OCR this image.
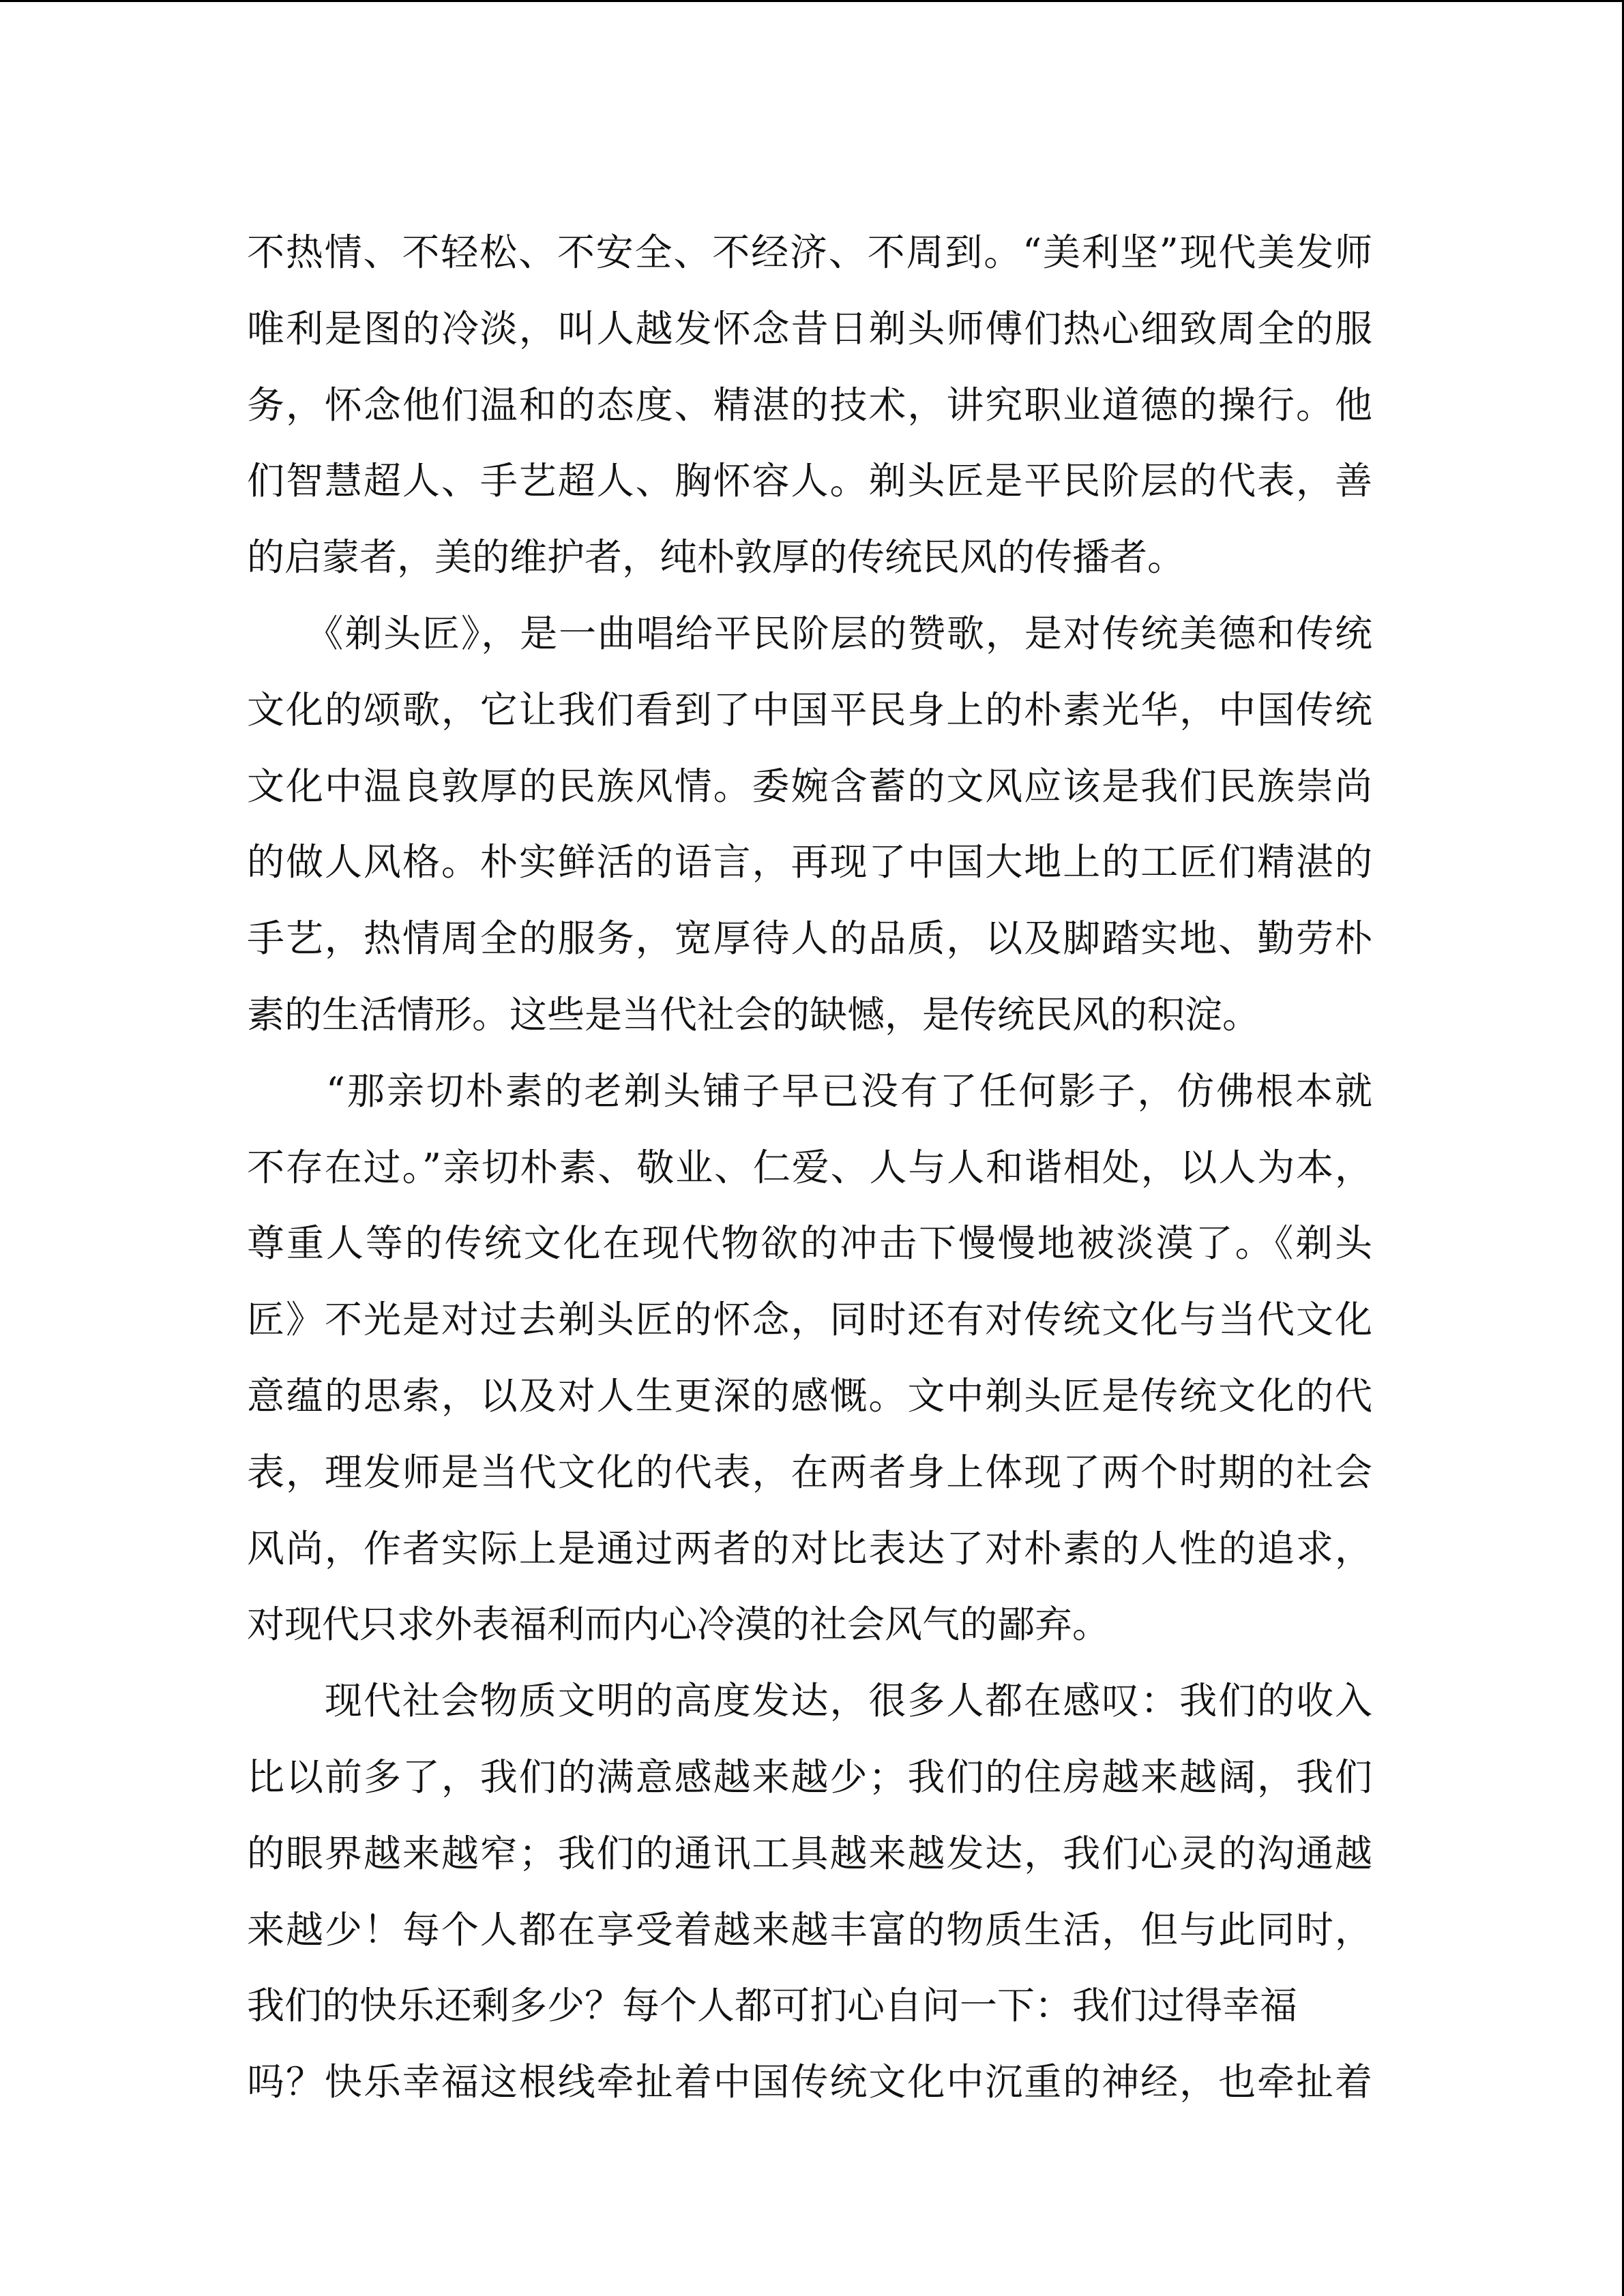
不热情、不轻松、不安全、不经济、不周到。“美利坚”现代美发师
唯利是图的冷淡，叫人越发怀念昔日剃头师傅们热心细致周全的服
务，怀念他们温和的态度、精湛的技术，讲究职业道德的操行。他
们智慧超人、手艺超人、胸怀容人。剃头匠是平民阶层的代表，善
的启蒙者，美的维护者，纯朴敦厚的传统民风的传播者。
　　《剃头匠》，是一曲唱给平民阶层的赞歌，是对传统美德和传统
文化的颂歌，它让我们看到了中国平民身上的朴素光华，中国传统
文化中温良敦厚的民族风情。委婉含蓄的文风应该是我们民族崇尚
的做人风格。朴实鲜活的语言，再现了中国大地上的工匠们精湛的
手艺，热情周全的服务，宽厚待人的品质，以及脚踏实地、勤劳朴
素的生活情形。这些是当代社会的缺憾，是传统民风的积淀。
　　“那亲切朴素的老剃头铺子早已没有了任何影子，仿佛根本就
不存在过。”亲切朴素、敬业、仁爱、人与人和谐相处，以人为本，
尊重人等的传统文化在现代物欲的冲击下慢慢地被淡漠了。《剃头
匠》不光是对过去剃头匠的怀念，同时还有对传统文化与当代文化
意蕴的思索，以及对人生更深的感慨。文中剃头匠是传统文化的代
表，理发师是当代文化的代表，在两者身上体现了两个时期的社会
风尚，作者实际上是通过两者的对比表达了对朴素的人性的追求，
对现代只求外表福利而内心冷漠的社会风气的鄙弃。
　　现代社会物质文明的高度发达，很多人都在感叹：我们的收入
比以前多了，我们的满意感越来越少；我们的住房越来越阔，我们
的眼界越来越窄；我们的通讯工具越来越发达，我们心灵的沟通越
来越少！每个人都在享受着越来越丰富的物质生活，但与此同时，
我们的快乐还剩多少？每个人都可扪心自问一下：我们过得幸福
吗？快乐幸福这根线牵扯着中国传统文化中沉重的神经，也牵扯着
